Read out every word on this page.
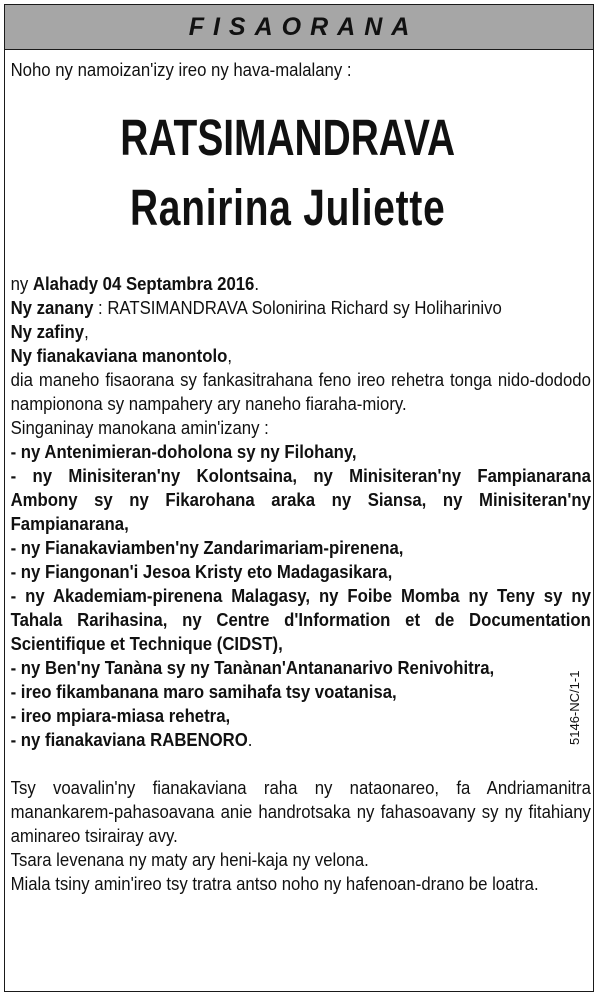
FISAORANA

Noho ny namoizan'izy ireo ny hava-malalany :

RATSIMANDRAVA
Ranirina Juliette

ny Alahady 04 Septambra 2016.

Ny zanany : RATSIMANDRAVA Solonirina Richard sy Holiharinivo

Ny zafiny,

Ny fianakaviana manontolo,

dia maneho fisaorana sy fankasitrahana feno ireo rehetra tonga nido-dododo nampionona sy nampahery ary naneho fiaraha-miory.

Singaninay manokana amin'izany :

- ny Antenimieran-doholona sy ny Filohany,
- ny Minisiteran'ny Kolontsaina, ny Minisiteran'ny Fampianarana Ambony sy ny Fikarohana araka ny Siansa, ny Minisiteran'ny Fampianarana,
- ny Fianakaviamben'ny Zandarimariam-pirenena,
- ny Fiangonan'i Jesoa Kristy eto Madagasikara,
- ny Akademiam-pirenena Malagasy, ny Foibe Momba ny Teny sy ny Tahala Rarihasina, ny Centre d'Information et de Documentation Scientifique et Technique (CIDST),
- ny Ben'ny Tanàna sy ny Tanànan'Antananarivo Renivohitra,
- ireo fikambanana maro samihafa tsy voatanisa,
- ireo mpiara-miasa rehetra,
- ny fianakaviana RABENORO.

Tsy voavalin'ny fianakaviana raha ny nataonareo, fa Andriamanitra manankarem-pahasoavana anie handrotsaka ny fahasoavany sy ny fitahiany aminareo tsirairay avy.

Tsara levenana ny maty ary heni-kaja ny velona.

Miala tsiny amin'ireo tsy tratra antso noho ny hafenoan-drano be loatra.

5146-NC/1-1
